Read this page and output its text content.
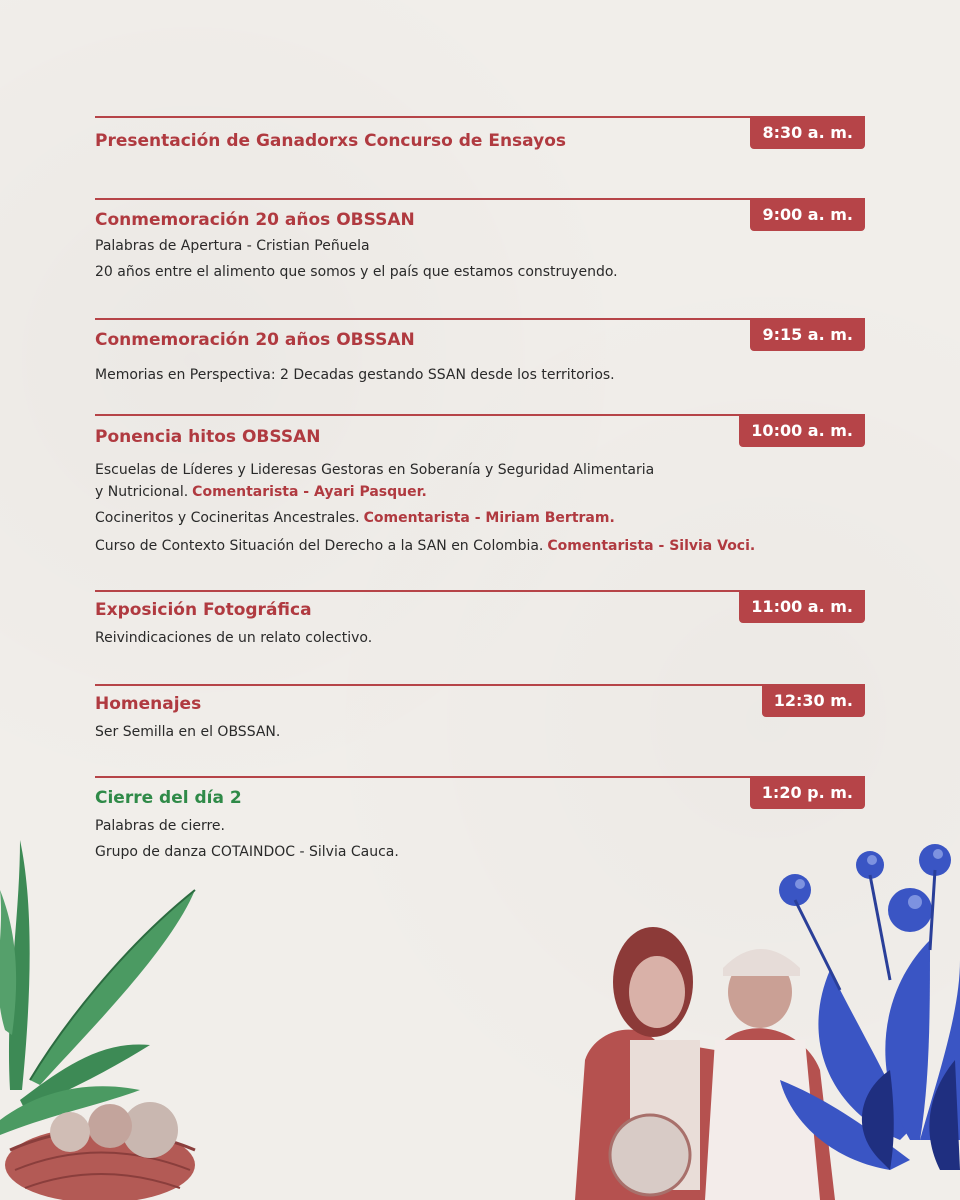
8:30 a. m.
Presentación de Ganadorxs Concurso de Ensayos
9:00 a. m.
Conmemoración 20 años OBSSAN
Palabras de Apertura - Cristian Peñuela
20 años entre el alimento que somos y el país que estamos construyendo.
9:15 a. m.
Conmemoración 20 años OBSSAN
Memorias en Perspectiva: 2 Decadas gestando SSAN desde los territorios.
10:00 a. m.
Ponencia hitos OBSSAN
Escuelas de Líderes y Lideresas Gestoras en Soberanía y Seguridad Alimentaria
y Nutricional. Comentarista - Ayari Pasquer.
Cocineritos y Cocineritas Ancestrales. Comentarista - Miriam Bertram.
Curso de Contexto Situación del Derecho a la SAN en Colombia. Comentarista - Silvia Voci.
11:00 a. m.
Exposición Fotográfica
Reivindicaciones de un relato colectivo.
12:30 m.
Homenajes
Ser Semilla en el OBSSAN.
1:20 p. m.
Cierre del día 2
Palabras de cierre.
Grupo de danza COTAINDOC - Silvia Cauca.
